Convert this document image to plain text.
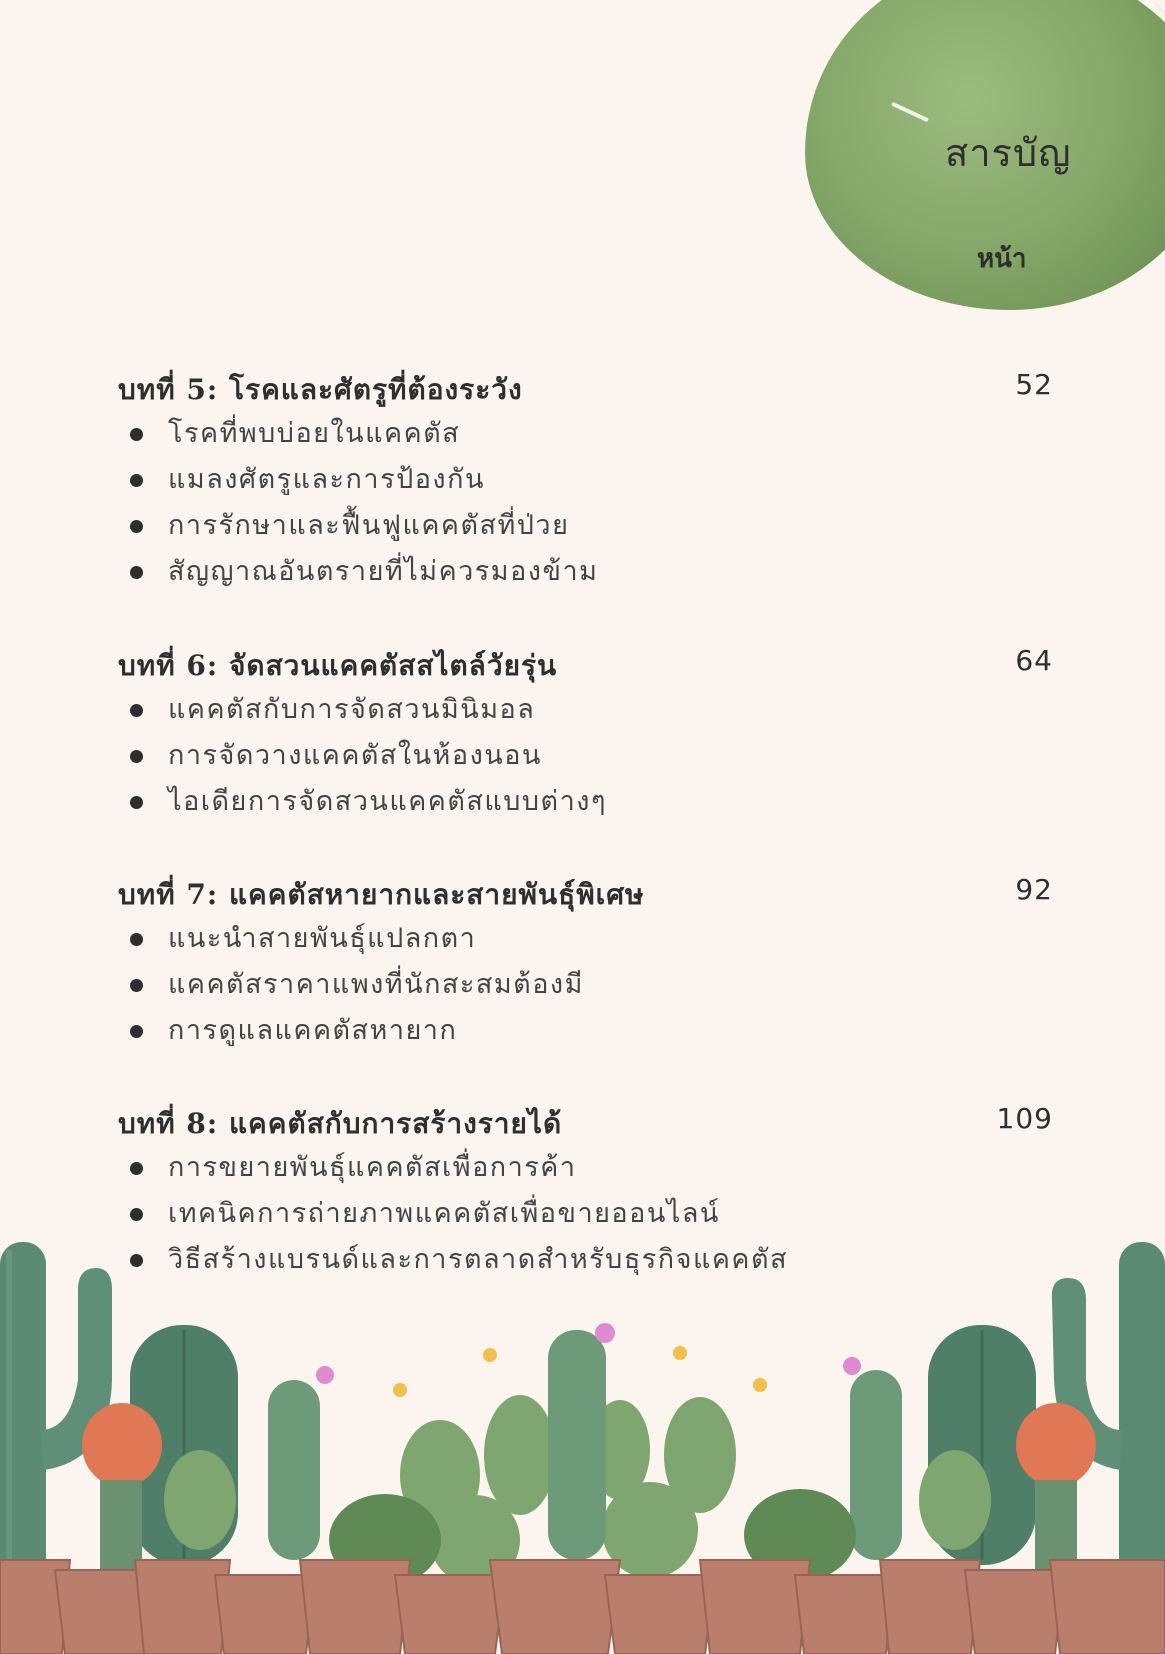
สารบัญ
หน้า
บทที่ 5: โรคและศัตรูที่ต้องระวัง	52
โรคที่พบบ่อยในแคคตัส
แมลงศัตรูและการป้องกัน
การรักษาและฟื้นฟูแคคตัสที่ป่วย
สัญญาณอันตรายที่ไม่ควรมองข้าม
บทที่ 6: จัดสวนแคคตัสสไตล์วัยรุ่น	64
แคคตัสกับการจัดสวนมินิมอล
การจัดวางแคคตัสในห้องนอน
ไอเดียการจัดสวนแคคตัสแบบต่างๆ
บทที่ 7: แคคตัสหายากและสายพันธุ์พิเศษ	92
แนะนำสายพันธุ์แปลกตา
แคคตัสราคาแพงที่นักสะสมต้องมี
การดูแลแคคตัสหายาก
บทที่ 8: แคคตัสกับการสร้างรายได้	109
การขยายพันธุ์แคคตัสเพื่อการค้า
เทคนิคการถ่ายภาพแคคตัสเพื่อขายออนไลน์
วิธีสร้างแบรนด์และการตลาดสำหรับธุรกิจแคคตัส
